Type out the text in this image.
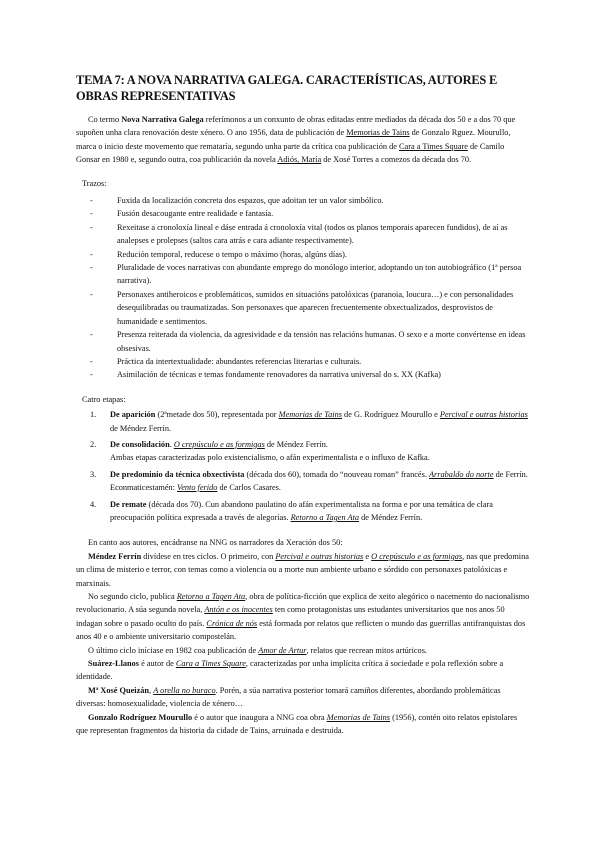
TEMA 7: A NOVA NARRATIVA GALEGA. CARACTERÍSTICAS, AUTORES E OBRAS REPRESENTATIVAS

Co termo Nova Narrativa Galega referímonos a un conxunto de obras editadas entre mediados da década dos 50 e a dos 70 que supoñen unha clara renovación deste xénero. O ano 1956, data de publicación de Memorias de Tains de Gonzalo Rguez. Mourullo, marca o inicio deste movemento que remataría, segundo unha parte da crítica coa publicación de Cara a Times Square de Camilo Gonsar en 1980 e, segundo outra, coa publicación da novela Adiós, María de Xosé Torres a comezos da década dos 70.

Trazos:

-	Fuxida da localización concreta dos espazos, que adoitan ter un valor simbólico.
-	Fusión desacougante entre realidade e fantasía.
-	Rexeitase a cronoloxía lineal e dáse entrada á cronoloxía vital (todos os planos temporais aparecen fundidos), de aí as analepses e prolepses (saltos cara atrás e cara adiante respectivamente).
-	Redución temporal, reducese o tempo o máximo (horas, algúns días).
-	Pluralidade de voces narrativas con abundante emprego do monólogo interior, adoptando un ton autobiográfico (1ª persoa narrativa).
-	Personaxes antiheroicos e problemáticos, sumidos en situacións patolóxicas (paranoia, loucura…) e con personalidades desequilibradas ou traumatizadas. Son personaxes que aparecen frecuentemente obxectualizados, desprovistos de humanidade e sentimentos.
-	Presenza reiterada da violencia, da agresividade e da tensión nas relacións humanas. O sexo e a morte convértense en ideas obsesivas.
-	Práctica da intertextualidade: abundantes referencias literarias e culturais.
-	Asimilación de técnicas e temas fondamente renovadores da narrativa universal do s. XX (Kafka)

Catro etapas:

1. De aparición (2ªmetade dos 50), representada por Memorias de Tains de G. Rodríguez Mourullo e Percival e outras historias de Méndez Ferrín.
2. De consolidación. O crepúsculo e as formigas de Méndez Ferrín.
Ambas etapas caracterizadas polo existencialismo, o afán experimentalista e o influxo de Kafka.
3. De predominio da técnica obxectivista (década dos 60), tomada do “nouveau roman” francés. Arrabaldo do norte de Ferrín. Econmaticestamén: Vento ferido de Carlos Casares.
4. De remate (década dos 70). Cun abandono paulatino do afán experimentalista na forma e por una temática de clara preocupación política expresada a través de alegorías. Retorno a Tagen Ata de Méndez Ferrín.

En canto aos autores, encádranse na NNG os narradores da Xeración dos 50:

Méndez Ferrín divídese en tres ciclos. O primeiro, con Percival e outras historias e O crepúsculo e as formigas, nas que predomina un clima de misterio e terror, con temas como a violencia ou a morte nun ambiente urbano e sórdido con personaxes patolóxicas e marxinais.

No segundo ciclo, publica Retorno a Tagen Ata, obra de política-ficción que explica de xeito alegórico o nacemento do nacionalismo revolucionario. A súa segunda novela, Antón e os inocentes ten como protagonistas uns estudantes universitarios que nos anos 50 indagan sobre o pasado oculto do país. Crónica de nós está formada por relatos que reflicten o mundo das guerrillas antifranquistas dos anos 40 e o ambiente universitario compostelán.

O último ciclo iníciase en 1982 coa publicación de Amor de Artur, relatos que recrean mitos artúricos.

Suárez-Llanos é autor de Cara a Times Square, caracterizadas por unha implícita crítica á sociedade e pola reflexión sobre a identidade.

Mª Xosé Queizán, A orella no buraco. Porén, a súa narrativa posterior tomará camiños diferentes, abordando problemáticas diversas: homosexualidade, violencia de xénero…

Gonzalo Rodríguez Mourullo é o autor que inaugura a NNG coa obra Memorias de Tains (1956), contén oito relatos epistolares que representan fragmentos da historia da cidade de Tains, arruinada e destruida.
